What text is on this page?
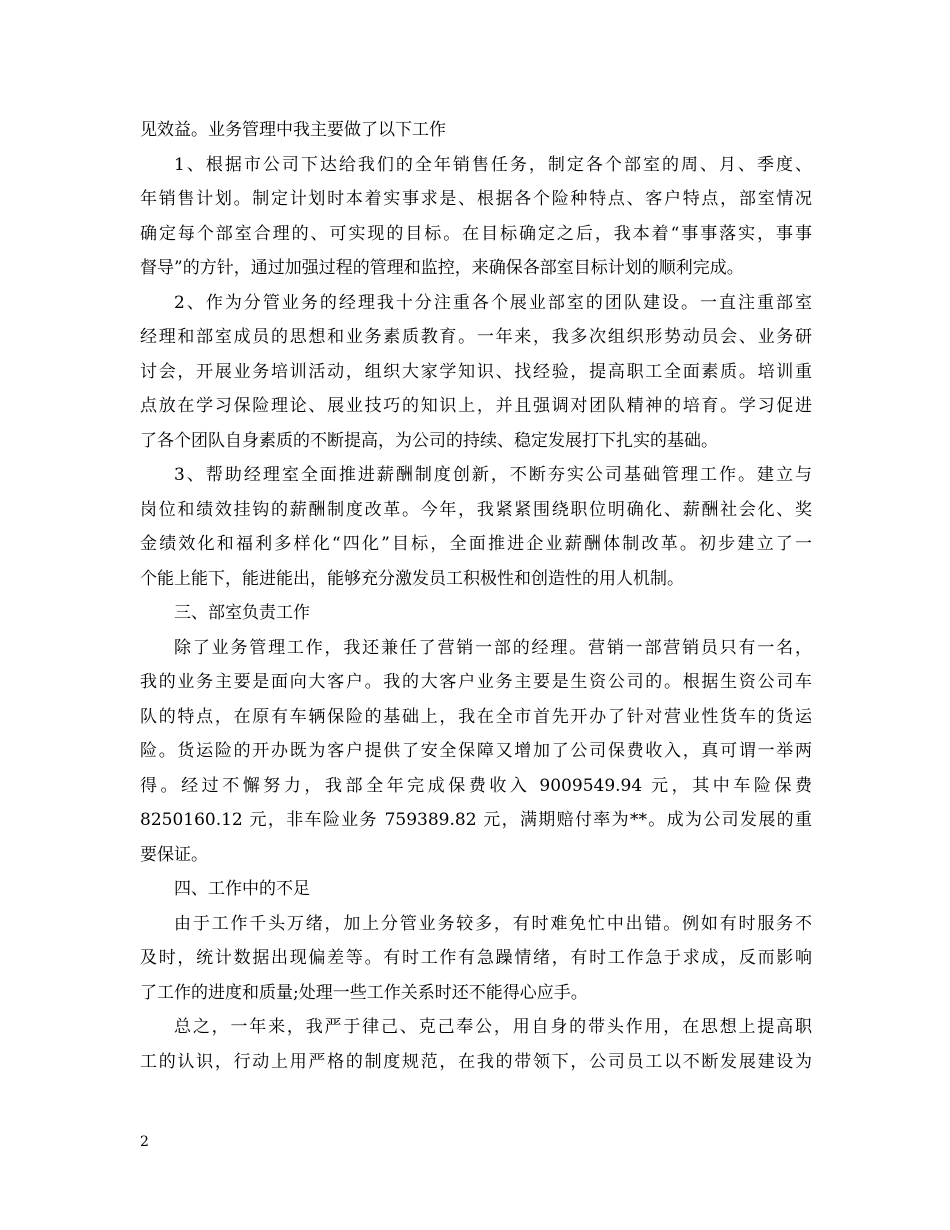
见效益。业务管理中我主要做了以下工作
1、根据市公司下达给我们的全年销售任务，制定各个部室的周、月、季度、
年销售计划。制定计划时本着实事求是、根据各个险种特点、客户特点，部室情况
确定每个部室合理的、可实现的目标。在目标确定之后，我本着“事事落实，事事
督导”的方针，通过加强过程的管理和监控，来确保各部室目标计划的顺利完成。
2、作为分管业务的经理我十分注重各个展业部室的团队建设。一直注重部室
经理和部室成员的思想和业务素质教育。一年来，我多次组织形势动员会、业务研
讨会，开展业务培训活动，组织大家学知识、找经验，提高职工全面素质。培训重
点放在学习保险理论、展业技巧的知识上，并且强调对团队精神的培育。学习促进
了各个团队自身素质的不断提高，为公司的持续、稳定发展打下扎实的基础。
3、帮助经理室全面推进薪酬制度创新，不断夯实公司基础管理工作。建立与
岗位和绩效挂钩的薪酬制度改革。今年，我紧紧围绕职位明确化、薪酬社会化、奖
金绩效化和福利多样化“四化”目标，全面推进企业薪酬体制改革。初步建立了一
个能上能下，能进能出，能够充分激发员工积极性和创造性的用人机制。
三、部室负责工作
除了业务管理工作，我还兼任了营销一部的经理。营销一部营销员只有一名，
我的业务主要是面向大客户。我的大客户业务主要是生资公司的。根据生资公司车
队的特点，在原有车辆保险的基础上，我在全市首先开办了针对营业性货车的货运
险。货运险的开办既为客户提供了安全保障又增加了公司保费收入，真可谓一举两
得。经过不懈努力，我部全年完成保费收入 9009549.94 元，其中车险保费
8250160.12 元，非车险业务 759389.82 元，满期赔付率为**。成为公司发展的重
要保证。
四、工作中的不足
由于工作千头万绪，加上分管业务较多，有时难免忙中出错。例如有时服务不
及时，统计数据出现偏差等。有时工作有急躁情绪，有时工作急于求成，反而影响
了工作的进度和质量;处理一些工作关系时还不能得心应手。
总之，一年来，我严于律己、克己奉公，用自身的带头作用，在思想上提高职
工的认识，行动上用严格的制度规范，在我的带领下，公司员工以不断发展建设为
2
